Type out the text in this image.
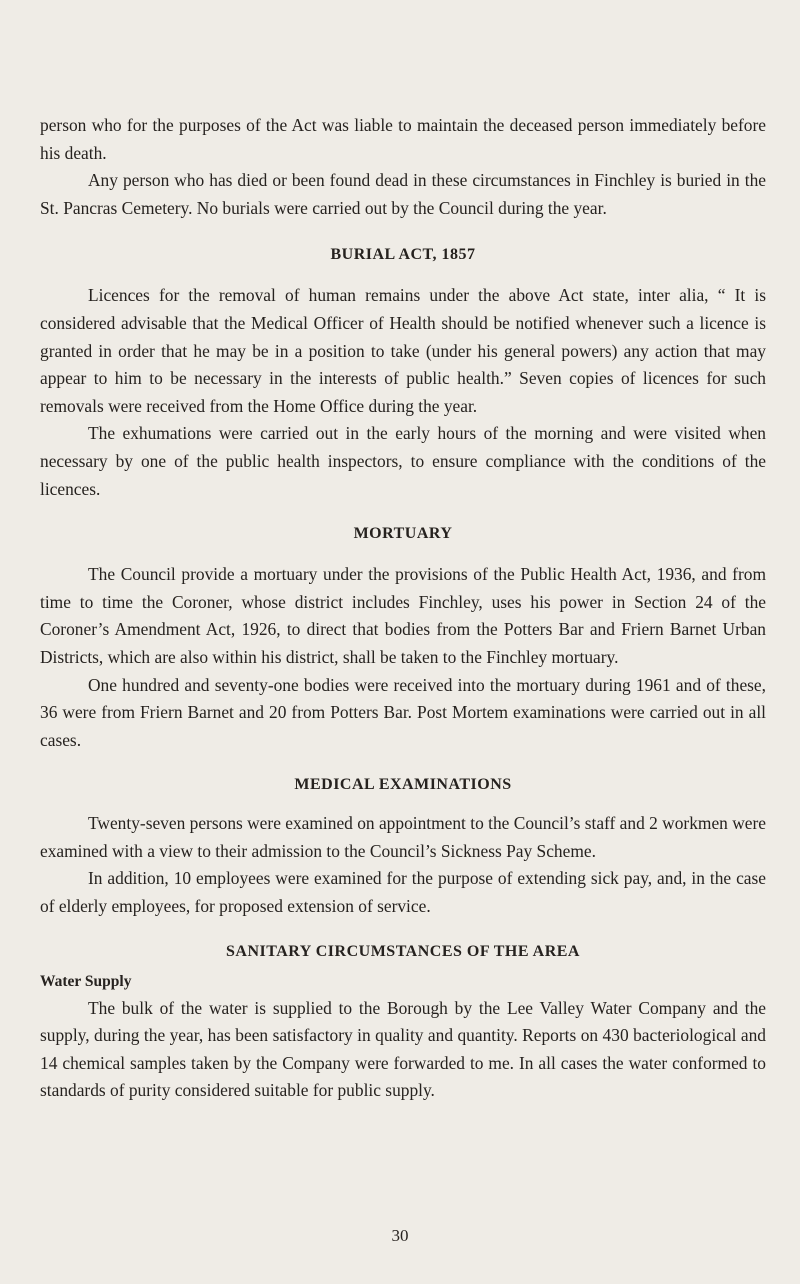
person who for the purposes of the Act was liable to maintain the deceased person immediately before his death.

Any person who has died or been found dead in these circumstances in Finchley is buried in the St. Pancras Cemetery. No burials were carried out by the Council during the year.

BURIAL ACT, 1857

Licences for the removal of human remains under the above Act state, inter alia, “ It is considered advisable that the Medical Officer of Health should be notified whenever such a licence is granted in order that he may be in a position to take (under his general powers) any action that may appear to him to be necessary in the interests of public health.” Seven copies of licences for such removals were received from the Home Office during the year.

The exhumations were carried out in the early hours of the morning and were visited when necessary by one of the public health inspectors, to ensure compliance with the conditions of the licences.

MORTUARY

The Council provide a mortuary under the provisions of the Public Health Act, 1936, and from time to time the Coroner, whose district includes Finchley, uses his power in Section 24 of the Coroner’s Amendment Act, 1926, to direct that bodies from the Potters Bar and Friern Barnet Urban Districts, which are also within his district, shall be taken to the Finchley mortuary.

One hundred and seventy-one bodies were received into the mortuary during 1961 and of these, 36 were from Friern Barnet and 20 from Potters Bar. Post Mortem examinations were carried out in all cases.

MEDICAL EXAMINATIONS

Twenty-seven persons were examined on appointment to the Council’s staff and 2 workmen were examined with a view to their admission to the Council’s Sickness Pay Scheme.

In addition, 10 employees were examined for the purpose of extending sick pay, and, in the case of elderly employees, for proposed extension of service.

SANITARY CIRCUMSTANCES OF THE AREA
Water Supply

The bulk of the water is supplied to the Borough by the Lee Valley Water Company and the supply, during the year, has been satisfactory in quality and quantity. Reports on 430 bacteriological and 14 chemical samples taken by the Company were forwarded to me. In all cases the water conformed to standards of purity considered suitable for public supply.

30
